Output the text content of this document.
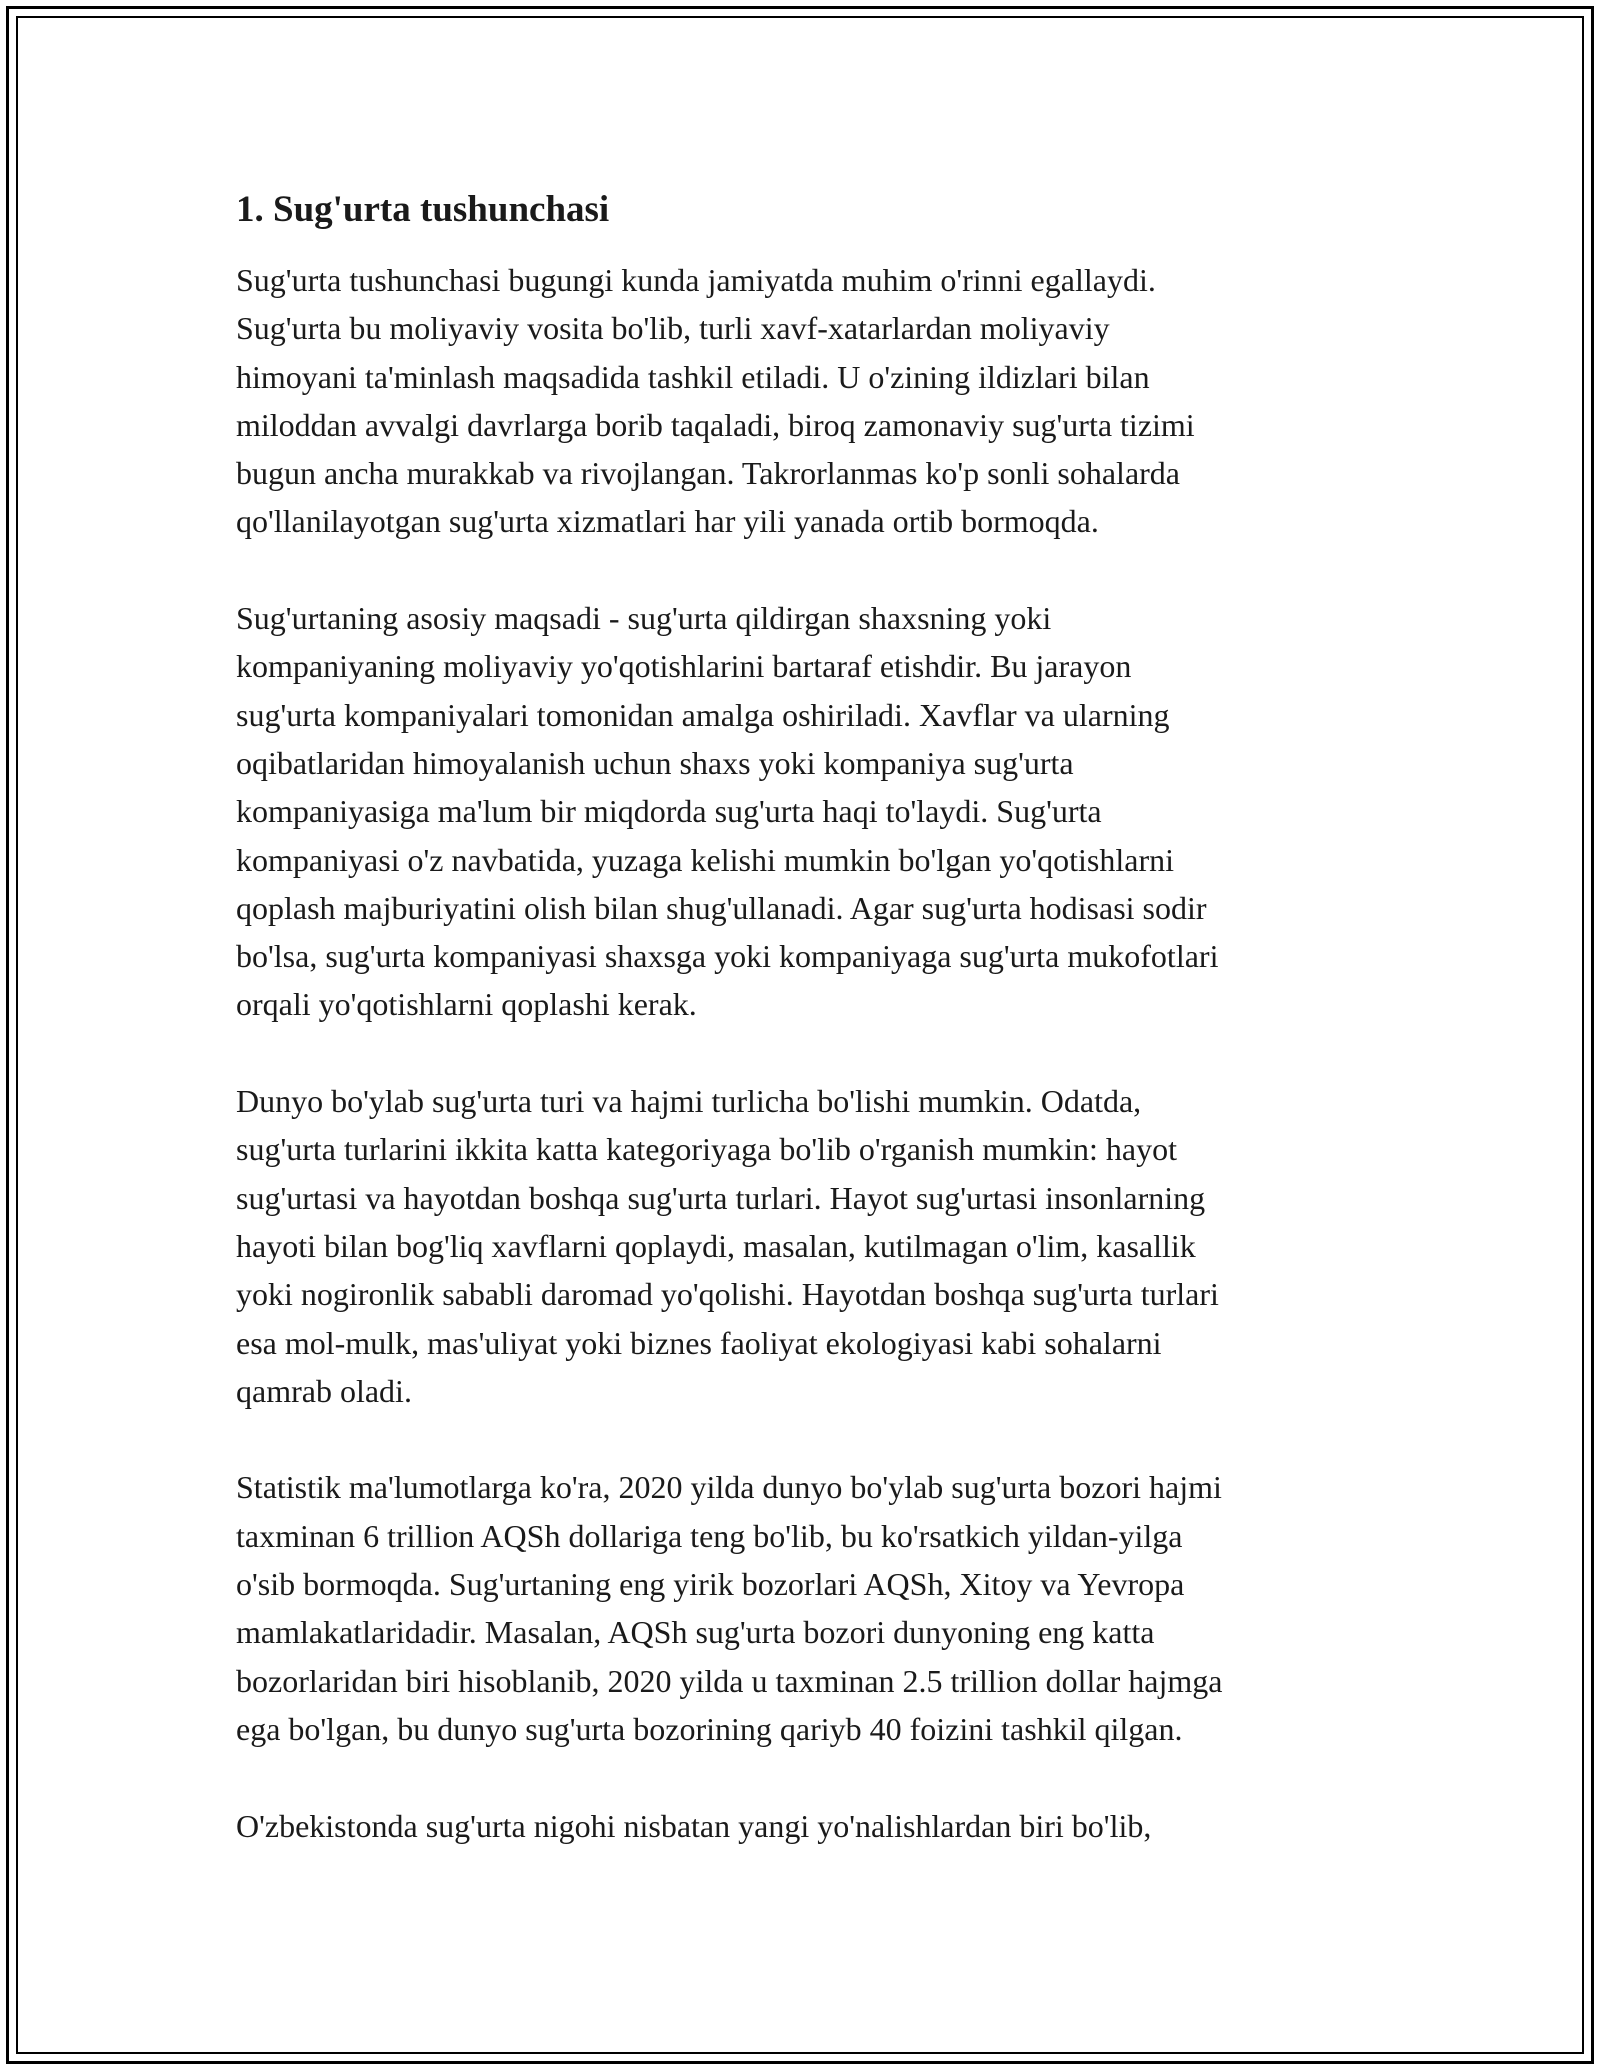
1. Sug'urta tushunchasi

Sug'urta tushunchasi bugungi kunda jamiyatda muhim o'rinni egallaydi.
Sug'urta bu moliyaviy vosita bo'lib, turli xavf-xatarlardan moliyaviy
himoyani ta'minlash maqsadida tashkil etiladi. U o'zining ildizlari bilan
miloddan avvalgi davrlarga borib taqaladi, biroq zamonaviy sug'urta tizimi
bugun ancha murakkab va rivojlangan. Takrorlanmas ko'p sonli sohalarda
qo'llanilayotgan sug'urta xizmatlari har yili yanada ortib bormoqda.

Sug'urtaning asosiy maqsadi - sug'urta qildirgan shaxsning yoki
kompaniyaning moliyaviy yo'qotishlarini bartaraf etishdir. Bu jarayon
sug'urta kompaniyalari tomonidan amalga oshiriladi. Xavflar va ularning
oqibatlaridan himoyalanish uchun shaxs yoki kompaniya sug'urta
kompaniyasiga ma'lum bir miqdorda sug'urta haqi to'laydi. Sug'urta
kompaniyasi o'z navbatida, yuzaga kelishi mumkin bo'lgan yo'qotishlarni
qoplash majburiyatini olish bilan shug'ullanadi. Agar sug'urta hodisasi sodir
bo'lsa, sug'urta kompaniyasi shaxsga yoki kompaniyaga sug'urta mukofotlari
orqali yo'qotishlarni qoplashi kerak.

Dunyo bo'ylab sug'urta turi va hajmi turlicha bo'lishi mumkin. Odatda,
sug'urta turlarini ikkita katta kategoriyaga bo'lib o'rganish mumkin: hayot
sug'urtasi va hayotdan boshqa sug'urta turlari. Hayot sug'urtasi insonlarning
hayoti bilan bog'liq xavflarni qoplaydi, masalan, kutilmagan o'lim, kasallik
yoki nogironlik sababli daromad yo'qolishi. Hayotdan boshqa sug'urta turlari
esa mol-mulk, mas'uliyat yoki biznes faoliyat ekologiyasi kabi sohalarni
qamrab oladi.

Statistik ma'lumotlarga ko'ra, 2020 yilda dunyo bo'ylab sug'urta bozori hajmi
taxminan 6 trillion AQSh dollariga teng bo'lib, bu ko'rsatkich yildan-yilga
o'sib bormoqda. Sug'urtaning eng yirik bozorlari AQSh, Xitoy va Yevropa
mamlakatlaridadir. Masalan, AQSh sug'urta bozori dunyoning eng katta
bozorlaridan biri hisoblanib, 2020 yilda u taxminan 2.5 trillion dollar hajmga
ega bo'lgan, bu dunyo sug'urta bozorining qariyb 40 foizini tashkil qilgan.

O'zbekistonda sug'urta nigohi nisbatan yangi yo'nalishlardan biri bo'lib,
